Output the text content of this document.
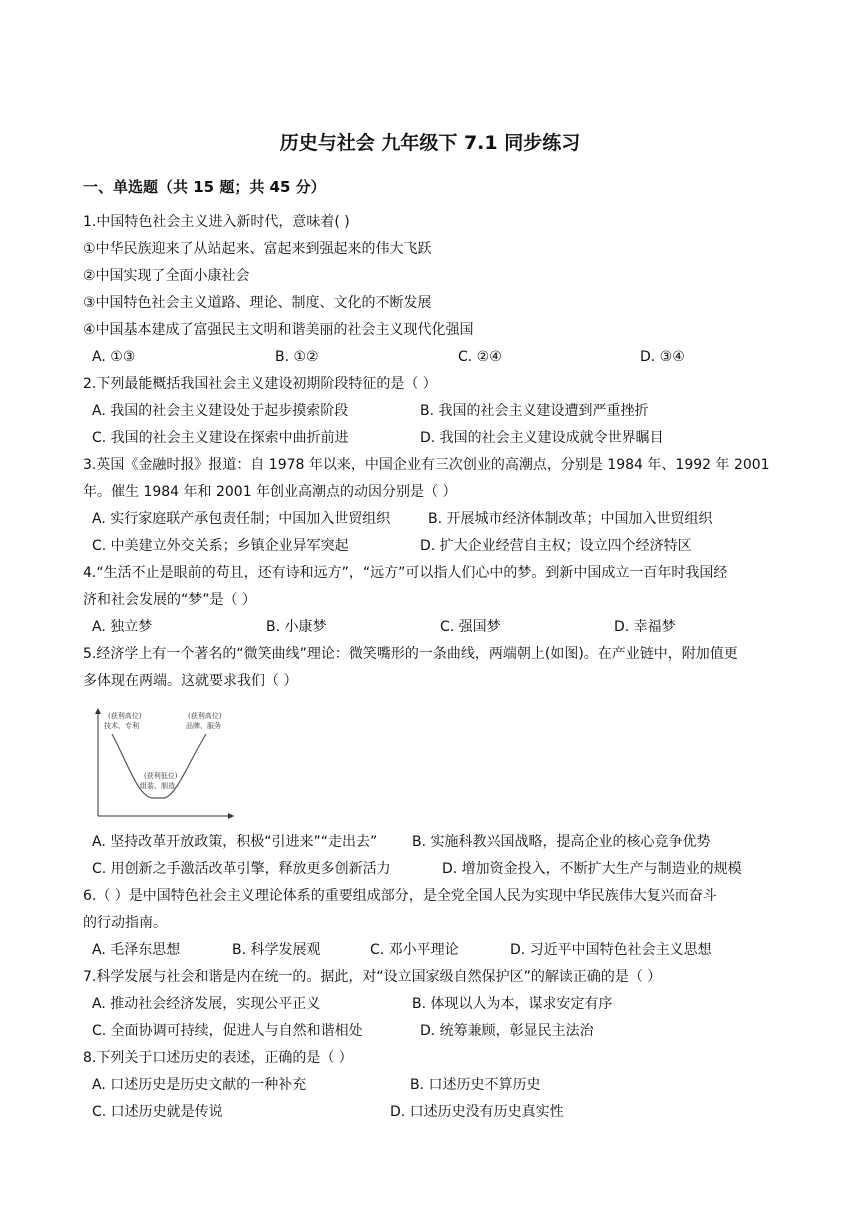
历史与社会 九年级下 7.1 同步练习
一、单选题（共 15 题；共 45 分）
1.中国特色社会主义进入新时代，意味着( )
①中华民族迎来了从站起来、富起来到强起来的伟大飞跃
②中国实现了全面小康社会
③中国特色社会主义道路、理论、制度、文化的不断发展
④中国基本建成了富强民主文明和谐美丽的社会主义现代化强国
A. ①③	B. ①②	C. ②④	D. ③④
2.下列最能概括我国社会主义建设初期阶段特征的是（ ）
A. 我国的社会主义建设处于起步摸索阶段	B. 我国的社会主义建设遭到严重挫折
C. 我国的社会主义建设在探索中曲折前进	D. 我国的社会主义建设成就令世界瞩目
3.英国《金融时报》报道：自 1978 年以来，中国企业有三次创业的高潮点，分别是 1984 年、1992 年 2001
年。催生 1984 年和 2001 年创业高潮点的动因分别是（ ）
A. 实行家庭联产承包责任制；中国加入世贸组织	B. 开展城市经济体制改革；中国加入世贸组织
C. 中美建立外交关系；乡镇企业异军突起	D. 扩大企业经营自主权；设立四个经济特区
4.“生活不止是眼前的苟且，还有诗和远方”，“远方”可以指人们心中的梦。到新中国成立一百年时我国经
济和社会发展的“梦”是（ ）
A. 独立梦	B. 小康梦	C. 强国梦	D. 幸福梦
5.经济学上有一个著名的“微笑曲线”理论：微笑嘴形的一条曲线，两端朝上(如图)。在产业链中，附加值更
多体现在两端。这就要求我们（ ）
(获利高位)
技术、专利
(获利高位)
品牌、服务
(获利低位)
组装、制造
A. 坚持改革开放政策，积极“引进来”“走出去” B. 实施科教兴国战略，提高企业的核心竞争优势
C. 用创新之手激活改革引擎，释放更多创新活力	D. 增加资金投入，不断扩大生产与制造业的规模
6.（ ）是中国特色社会主义理论体系的重要组成部分，是全党全国人民为实现中华民族伟大复兴而奋斗
的行动指南。
A. 毛泽东思想	B. 科学发展观	C. 邓小平理论	D. 习近平中国特色社会主义思想
7.科学发展与社会和谐是内在统一的。据此，对“设立国家级自然保护区”的解读正确的是（ ）
A. 推动社会经济发展，实现公平正义	B. 体现以人为本，谋求安定有序
C. 全面协调可持续，促进人与自然和谐相处	D. 统筹兼顾，彰显民主法治
8.下列关于口述历史的表述，正确的是（ ）
A. 口述历史是历史文献的一种补充	B. 口述历史不算历史
C. 口述历史就是传说	D. 口述历史没有历史真实性
